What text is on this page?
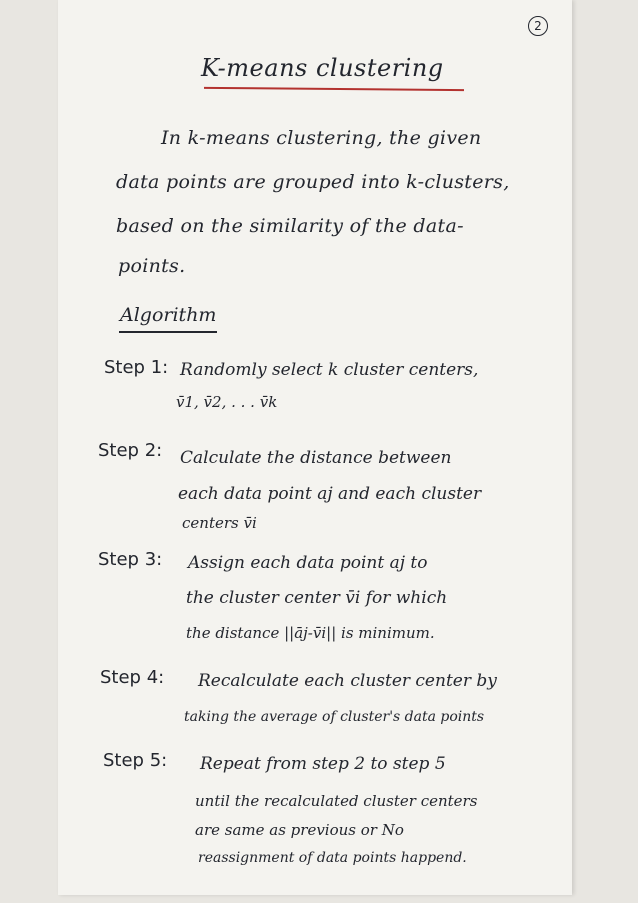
2
K-means clustering
In k-means clustering, the given
data points are grouped into k-clusters,
based on the similarity of the data-
points.
Algorithm
Step 1: Randomly select k cluster centers,
v̄1, v̄2, . . . v̄k
Step 2: Calculate the distance between
each data point aj and each cluster
centers v̄i
Step 3: Assign each data point aj to
the cluster center v̄i for which
the distance ||āj-v̄i|| is minimum.
Step 4: Recalculate each cluster center by
taking the average of cluster's data points
Step 5: Repeat from step 2 to step 5
until the recalculated cluster centers
are same as previous or No
reassignment of data points happend.
